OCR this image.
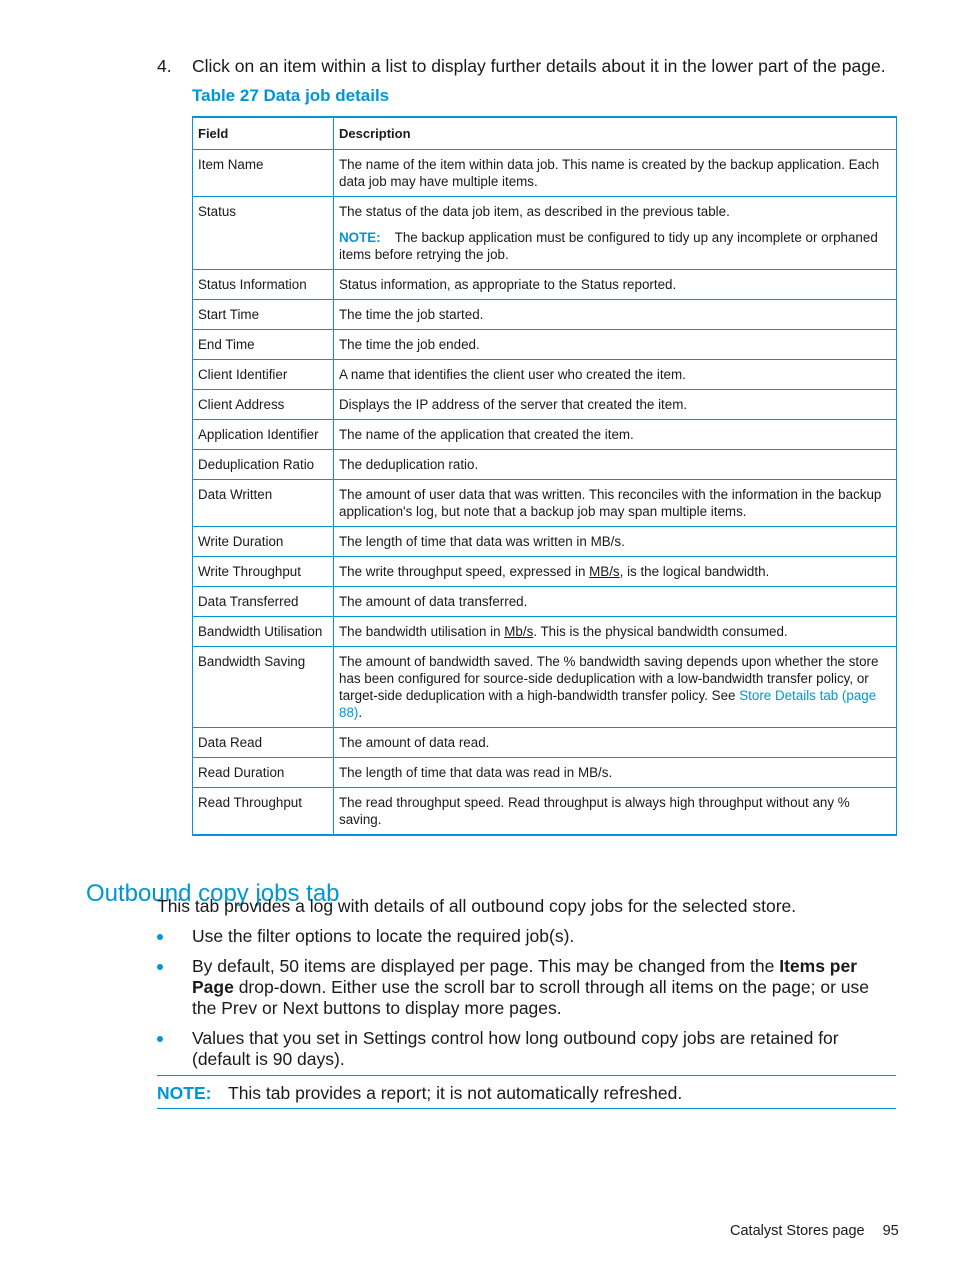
4. Click on an item within a list to display further details about it in the lower part of the page.
Table 27 Data job details
Field	Description
Item Name	The name of the item within data job. This name is created by the backup application. Each data job may have multiple items.
Status	The status of the data job item, as described in the previous table.
NOTE: The backup application must be configured to tidy up any incomplete or orphaned items before retrying the job.

Status Information	Status information, as appropriate to the Status reported.
Start Time	The time the job started.
End Time	The time the job ended.
Client Identifier	A name that identifies the client user who created the item.
Client Address	Displays the IP address of the server that created the item.
Application Identifier	The name of the application that created the item.
Deduplication Ratio	The deduplication ratio.
Data Written	The amount of user data that was written. This reconciles with the information in the backup application's log, but note that a backup job may span multiple items.
Write Duration	The length of time that data was written in MB/s.
Write Throughput	The write throughput speed, expressed in MB/s, is the logical bandwidth.
Data Transferred	The amount of data transferred.
Bandwidth Utilisation	The bandwidth utilisation in Mb/s. This is the physical bandwidth consumed.
Bandwidth Saving	The amount of bandwidth saved. The % bandwidth saving depends upon whether the store has been configured for source-side deduplication with a low-bandwidth transfer policy, or target-side deduplication with a high-bandwidth transfer policy. See Store Details tab (page 88).
Data Read	The amount of data read.
Read Duration	The length of time that data was read in MB/s.
Read Throughput	The read throughput speed. Read throughput is always high throughput without any % saving.
Outbound copy jobs tab
This tab provides a log with details of all outbound copy jobs for the selected store.
Use the filter options to locate the required job(s).
By default, 50 items are displayed per page. This may be changed from the Items per Page drop-down. Either use the scroll bar to scroll through all items on the page; or use the Prev or Next buttons to display more pages.
Values that you set in Settings control how long outbound copy jobs are retained for (default is 90 days).
NOTE: This tab provides a report; it is not automatically refreshed.
Catalyst Stores page 95
